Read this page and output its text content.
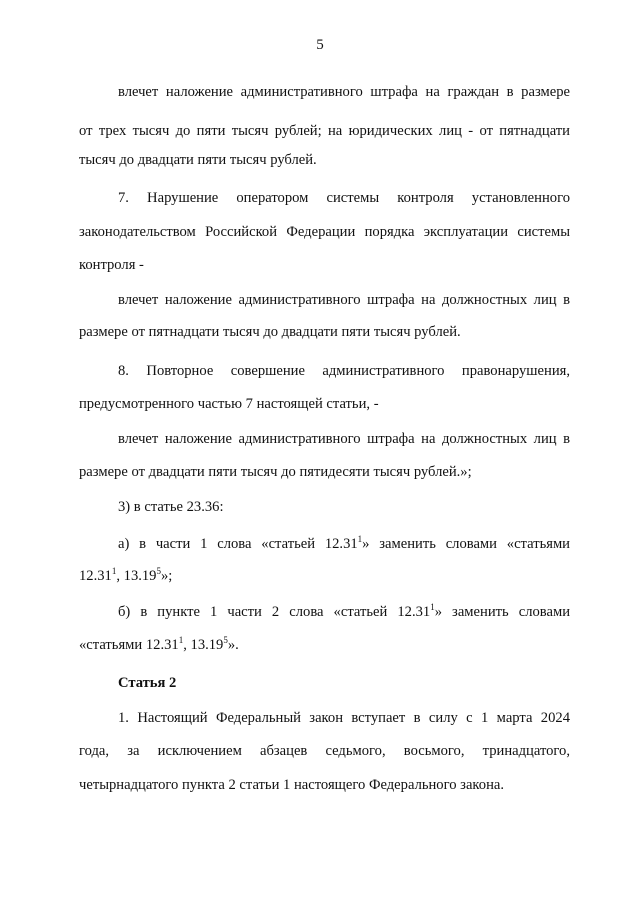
5
влечет наложение административного штрафа на граждан в размере
от трех тысяч до пяти тысяч рублей; на юридических лиц - от пятнадцати
тысяч до двадцати пяти тысяч рублей.
7. Нарушение оператором системы контроля установленного
законодательством Российской Федерации порядка эксплуатации системы
контроля -
влечет наложение административного штрафа на должностных лиц в
размере от пятнадцати тысяч до двадцати пяти тысяч рублей.
8. Повторное совершение административного правонарушения,
предусмотренного частью 7 настоящей статьи, -
влечет наложение административного штрафа на должностных лиц в
размере от двадцати пяти тысяч до пятидесяти тысяч рублей.»;
3) в статье 23.36:
а) в части 1 слова «статьей 12.31$^1$» заменить словами «статьями
12.31$^1$, 13.19$^5$»;
б) в пункте 1 части 2 слова «статьей 12.31$^1$» заменить словами
«статьями 12.31$^1$, 13.19$^5$».
Статья 2
1. Настоящий Федеральный закон вступает в силу с 1 марта 2024
года, за исключением абзацев седьмого, восьмого, тринадцатого,
четырнадцатого пункта 2 статьи 1 настоящего Федерального закона.
